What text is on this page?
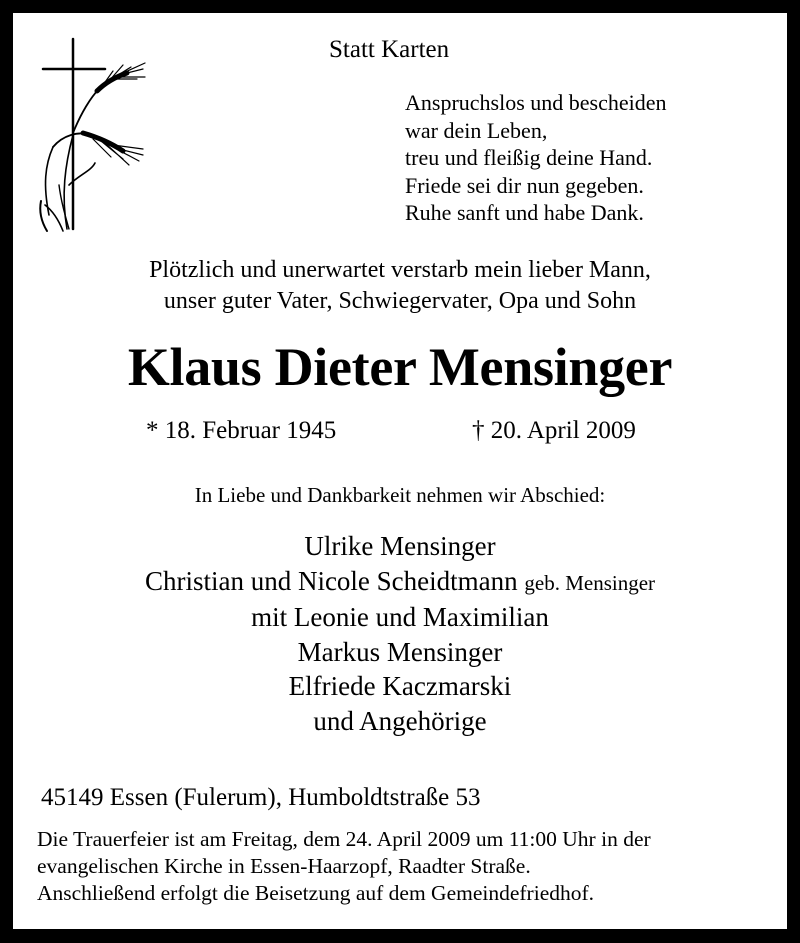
Statt Karten
Anspruchslos und bescheiden
war dein Leben,
treu und fleißig deine Hand.
Friede sei dir nun gegeben.
Ruhe sanft und habe Dank.
Plötzlich und unerwartet verstarb mein lieber Mann,
unser guter Vater, Schwiegervater, Opa und Sohn
Klaus Dieter Mensinger
* 18. Februar 1945	† 20. April 2009
In Liebe und Dankbarkeit nehmen wir Abschied:
Ulrike Mensinger
Christian und Nicole Scheidtmann geb. Mensinger
mit Leonie und Maximilian
Markus Mensinger
Elfriede Kaczmarski
und Angehörige
45149 Essen (Fulerum), Humboldtstraße 53
Die Trauerfeier ist am Freitag, dem 24. April 2009 um 11:00 Uhr in der
evangelischen Kirche in Essen-Haarzopf, Raadter Straße.
Anschließend erfolgt die Beisetzung auf dem Gemeindefriedhof.
